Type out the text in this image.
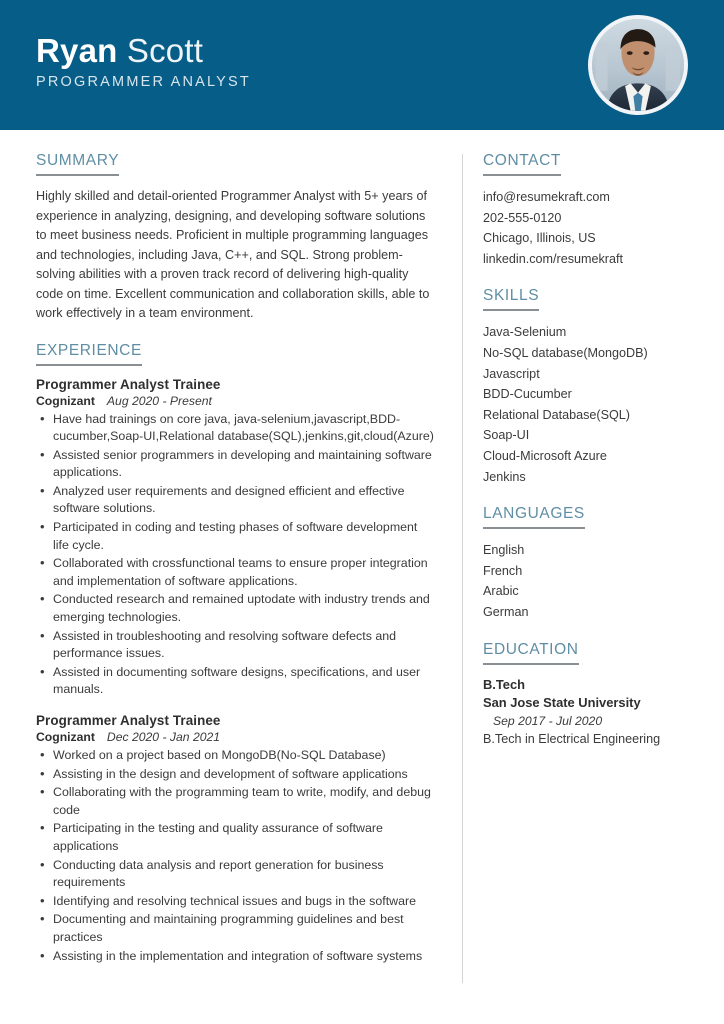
Ryan Scott
PROGRAMMER ANALYST
SUMMARY

Highly skilled and detail-oriented Programmer Analyst with 5+ years of experience in analyzing, designing, and developing software solutions to meet business needs. Proficient in multiple programming languages and technologies, including Java, C++, and SQL. Strong problem-solving abilities with a proven track record of delivering high-quality code on time. Excellent communication and collaboration skills, able to work effectively in a team environment.

EXPERIENCE
Programmer Analyst Trainee
Cognizant Aug 2020 - Present
• Have had trainings on core java, java-selenium,javascript,BDD-cucumber,Soap-UI,Relational database(SQL),jenkins,git,cloud(Azure)
• Assisted senior programmers in developing and maintaining software applications.
• Analyzed user requirements and designed efficient and effective software solutions.
• Participated in coding and testing phases of software development life cycle.
• Collaborated with crossfunctional teams to ensure proper integration and implementation of software applications.
• Conducted research and remained uptodate with industry trends and emerging technologies.
• Assisted in troubleshooting and resolving software defects and performance issues.
• Assisted in documenting software designs, specifications, and user manuals.
Programmer Analyst Trainee
Cognizant Dec 2020 - Jan 2021
• Worked on a project based on MongoDB(No-SQL Database)
• Assisting in the design and development of software applications
• Collaborating with the programming team to write, modify, and debug code
• Participating in the testing and quality assurance of software applications
• Conducting data analysis and report generation for business requirements
• Identifying and resolving technical issues and bugs in the software
• Documenting and maintaining programming guidelines and best practices
• Assisting in the implementation and integration of software systems
CONTACT
info@resumekraft.com
202-555-0120
Chicago, Illinois, US
linkedin.com/resumekraft
SKILLS
Java-Selenium
No-SQL database(MongoDB)
Javascript
BDD-Cucumber
Relational Database(SQL)
Soap-UI
Cloud-Microsoft Azure
Jenkins
LANGUAGES
English
French
Arabic
German
EDUCATION
B.Tech
San Jose State University
Sep 2017 - Jul 2020
B.Tech in Electrical Engineering
